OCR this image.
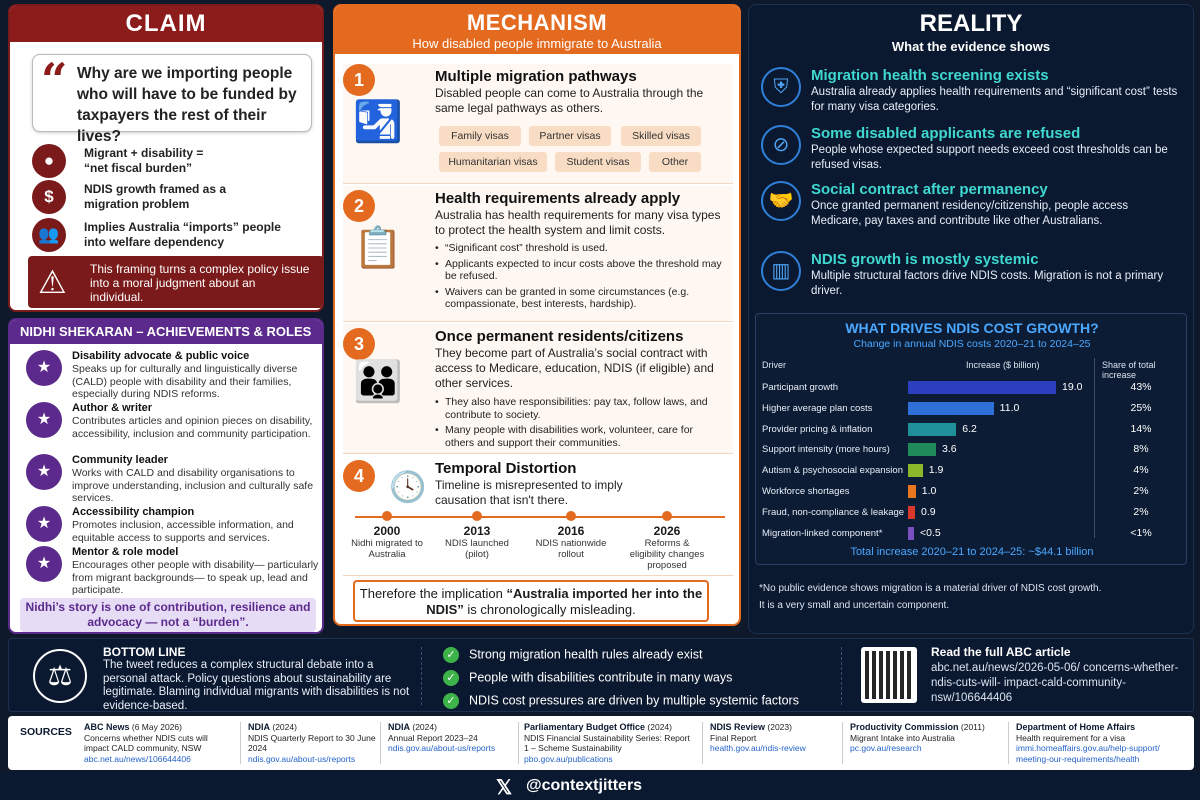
CLAIM
“ Why are we importing people who will have to be funded by taxpayers the rest of their lives?
●	Migrant + disability = “net fiscal burden”
$	NDIS growth framed as a migration problem
👥	Implies Australia “imports” people into welfare dependency
⚠ This framing turns a complex policy issue into a moral judgment about an individual.
NIDHI SHEKARAN – ACHIEVEMENTS & ROLES
★
Disability advocate & public voice
Speaks up for culturally and linguistically diverse (CALD) people with disability and their families, especially during NDIS reforms.
★
Author & writer
Contributes articles and opinion pieces on disability, accessibility, inclusion and community participation.
★
Community leader
Works with CALD and disability organisations to improve understanding, inclusion and culturally safe services.
★
Accessibility champion
Promotes inclusion, accessible information, and equitable access to supports and services.
★
Mentor & role model
Encourages other people with disability— particularly from migrant backgrounds— to speak up, lead and participate.
Nidhi’s story is one of contribution, resilience and advocacy — not a “burden”.
MECHANISM
How disabled people immigrate to Australia
1
🛂
Multiple migration pathways
Disabled people can come to Australia through the same legal pathways as others.
Family visas	Partner visas	Skilled visas
Humanitarian visas	Student visas	Other
2
📋
Health requirements already apply
Australia has health requirements for many visa types to protect the health system and limit costs.
• “Significant cost” threshold is used.
• Applicants expected to incur costs above the threshold may be refused.
• Waivers can be granted in some circumstances (e.g. compassionate, best interests, hardship).
3
👪
Once permanent residents/citizens
They become part of Australia’s social contract with access to Medicare, education, NDIS (if eligible) and other services.
• They also have responsibilities: pay tax, follow laws, and contribute to society.
• Many people with disabilities work, volunteer, care for others and support their communities.
4 🕓
Temporal Distortion
Timeline is misrepresented to imply causation that isn't there.
2000
Nidhi migrated to Australia
2013
NDIS launched (pilot)
2016
NDIS nationwide rollout
2026
Reforms & eligibility changes proposed
Therefore the implication “Australia imported her into the NDIS” is chronologically misleading.
REALITY
What the evidence shows
⛨
Migration health screening exists
Australia already applies health requirements and “significant cost” tests for many visa categories.
⊘
Some disabled applicants are refused
People whose expected support needs exceed cost thresholds can be refused visas.
🤝
Social contract after permanency
Once granted permanent residency/citizenship, people access Medicare, pay taxes and contribute like other Australians.
▥
NDIS growth is mostly systemic
Multiple structural factors drive NDIS costs. Migration is not a primary driver.
WHAT DRIVES NDIS COST GROWTH?
Change in annual NDIS costs 2020–21 to 2024–25
Driver	Increase ($ billion)	Share of total increase
Participant growth	19.0	43%
Higher average plan costs	11.0	25%
Provider pricing & inflation	6.2	14%
Support intensity (more hours)	3.6	8%
Autism & psychosocial expansion 1.9	4%
Workforce shortages	1.0	2%
Fraud, non-compliance & leakage 0.9	2%
Migration-linked component*	<0.5	<1%
Total increase 2020–21 to 2024–25: ~$44.1 billion
*No public evidence shows migration is a material driver of NDIS cost growth.
It is a very small and uncertain component.
⚖
BOTTOM LINE
The tweet reduces a complex structural debate into a personal attack. Policy questions about sustainability are legitimate. Blaming individual migrants with disabilities is not evidence-based.
✓ Strong migration health rules already exist
✓ People with disabilities contribute in many ways
✓ NDIS cost pressures are driven by multiple systemic factors
Read the full ABC article
abc.net.au/news/2026-05-06/ concerns-whether-ndis-cuts-will- impact-cald-community-nsw/106644406
SOURCES ABC News (6 May 2026)
Concerns whether NDIS cuts will impact CALD community, NSW
abc.net.au/news/106644406
NDIA (2024)
NDIS Quarterly Report to 30 June 2024
ndis.gov.au/about-us/reports
NDIA (2024)
Annual Report 2023–24
ndis.gov.au/about-us/reports
Parliamentary Budget Office (2024)
NDIS Financial Sustainability Series: Report 1 – Scheme Sustainability
pbo.gov.au/publications
NDIS Review (2023)
Final Report
health.gov.au/ndis-review
Productivity Commission (2011)
Migrant Intake into Australia
pc.gov.au/research
Department of Home Affairs
Health requirement for a visa
immi.homeaffairs.gov.au/help-support/ meeting-our-requirements/health
𝕏 @contextjitters
